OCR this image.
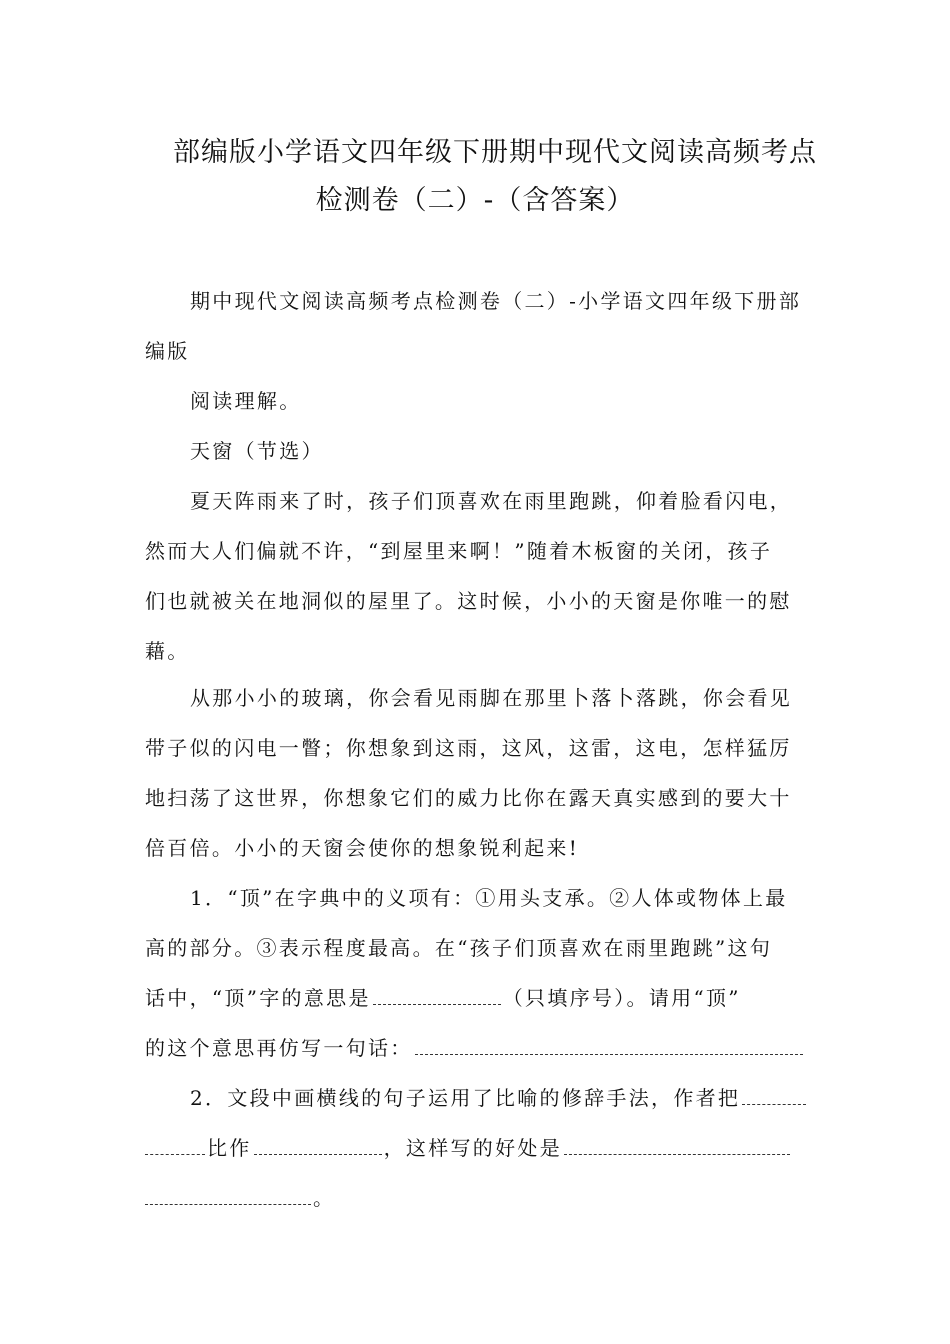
部编版小学语文四年级下册期中现代文阅读高频考点
检测卷（二）-（含答案）
期中现代文阅读高频考点检测卷（二）-小学语文四年级下册部
编版
阅读理解。
天窗（节选）
夏天阵雨来了时，孩子们顶喜欢在雨里跑跳，仰着脸看闪电，
然而大人们偏就不许，“到屋里来啊！”随着木板窗的关闭，孩子
们也就被关在地洞似的屋里了。这时候，小小的天窗是你唯一的慰
藉。
从那小小的玻璃，你会看见雨脚在那里卜落卜落跳，你会看见
带子似的闪电一瞥；你想象到这雨，这风，这雷，这电，怎样猛厉
地扫荡了这世界，你想象它们的威力比你在露天真实感到的要大十
倍百倍。小小的天窗会使你的想象锐利起来!
1．“顶”在字典中的义项有：①用头支承。②人体或物体上最
高的部分。③表示程度最高。在“孩子们顶喜欢在雨里跑跳”这句
话中，“顶”字的意思是	（只填序号）。请用“顶”
的这个意思再仿写一句话：
2．文段中画横线的句子运用了比喻的修辞手法，作者把
比作	，这样写的好处是
。
